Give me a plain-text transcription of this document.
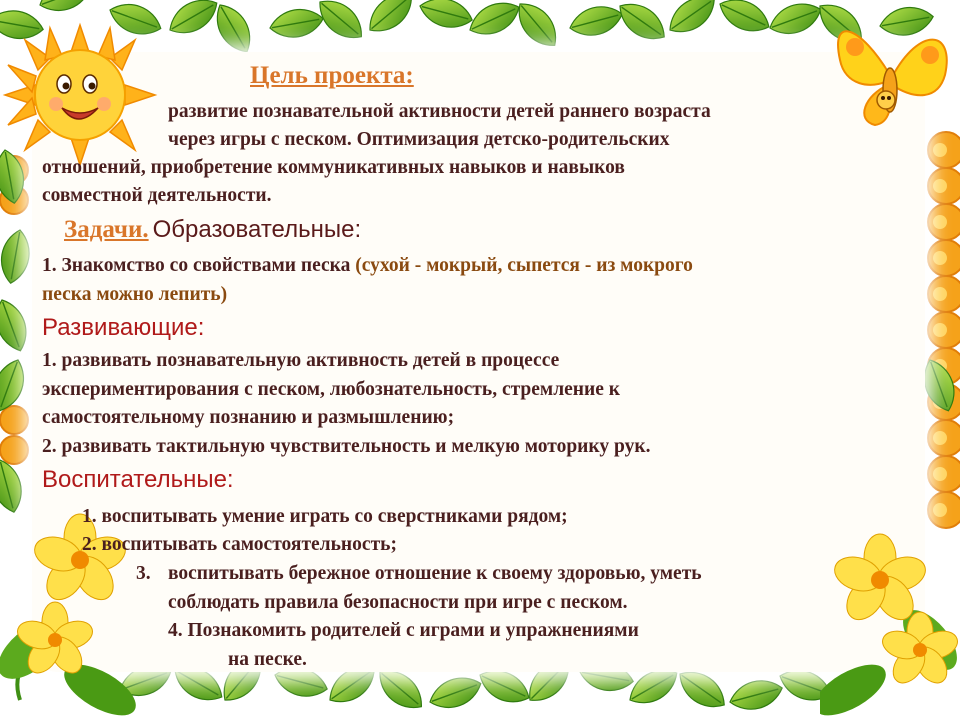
Цель проекта:
развитие познавательной активности детей раннего возраста
через игры с песком. Оптимизация детско-родительских
отношений, приобретение коммуникативных навыков и навыков
совместной деятельности.
Задачи. Образовательные:
1. Знакомство со свойствами песка (сухой - мокрый, сыпется - из мокрого
песка можно лепить)
Развивающие:
1. развивать познавательную активность детей в процессе
экспериментирования с песком, любознательность, стремление к
самостоятельному познанию и размышлению;
2. развивать тактильную чувствительность и мелкую моторику рук.
Воспитательные:
1. воспитывать умение играть со сверстниками рядом;
2. воспитывать самостоятельность;
3. воспитывать бережное отношение к своему здоровью, уметь
соблюдать правила безопасности при игре с песком.
4. Познакомить родителей с играми и упражнениями
на песке.
